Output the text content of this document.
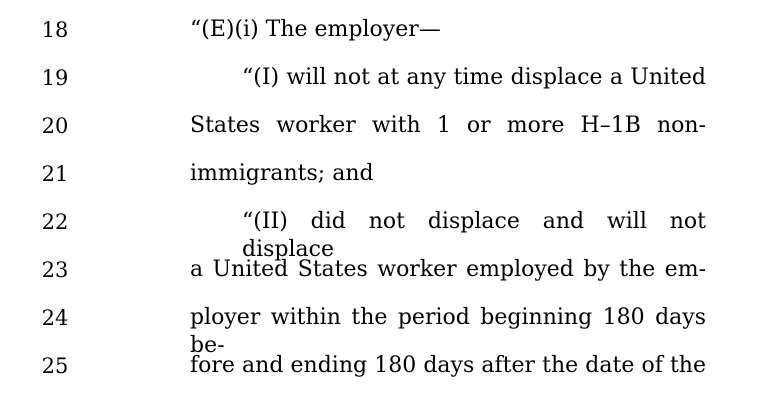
18	“(E)(i) The employer—
19	“(I) will not at any time displace a United
20	States worker with 1 or more H–1B non-
21	immigrants; and
22	“(II) did not displace and will not displace
23	a United States worker employed by the em-
24	ployer within the period beginning 180 days be-
25	fore and ending 180 days after the date of the
